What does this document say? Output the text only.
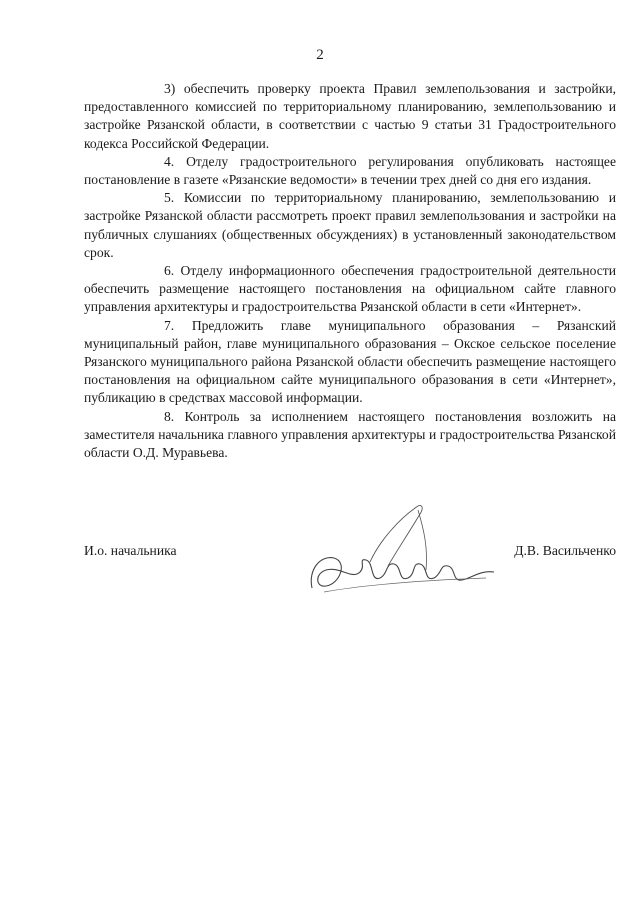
2

3) обеспечить проверку проекта Правил землепользования и застройки, предоставленного комиссией по территориальному планированию, землепользованию и застройке Рязанской области, в соответствии с частью 9 статьи 31 Градостроительного кодекса Российской Федерации.

4. Отделу градостроительного регулирования опубликовать настоящее постановление в газете «Рязанские ведомости» в течении трех дней со дня его издания.

5. Комиссии по территориальному планированию, землепользованию и застройке Рязанской области рассмотреть проект правил землепользования и застройки на публичных слушаниях (общественных обсуждениях) в установленный законодательством срок.

6. Отделу информационного обеспечения градостроительной деятельности обеспечить размещение настоящего постановления на официальном сайте главного управления архитектуры и градостроительства Рязанской области в сети «Интернет».

7. Предложить главе муниципального образования – Рязанский муниципальный район, главе муниципального образования – Окское сельское поселение Рязанского муниципального района Рязанской области обеспечить размещение настоящего постановления на официальном сайте муниципального образования в сети «Интернет», публикацию в средствах массовой информации.

8. Контроль за исполнением настоящего постановления возложить на заместителя начальника главного управления архитектуры и градостроительства Рязанской области О.Д. Муравьева.

И.о. начальника	Д.В. Васильченко
